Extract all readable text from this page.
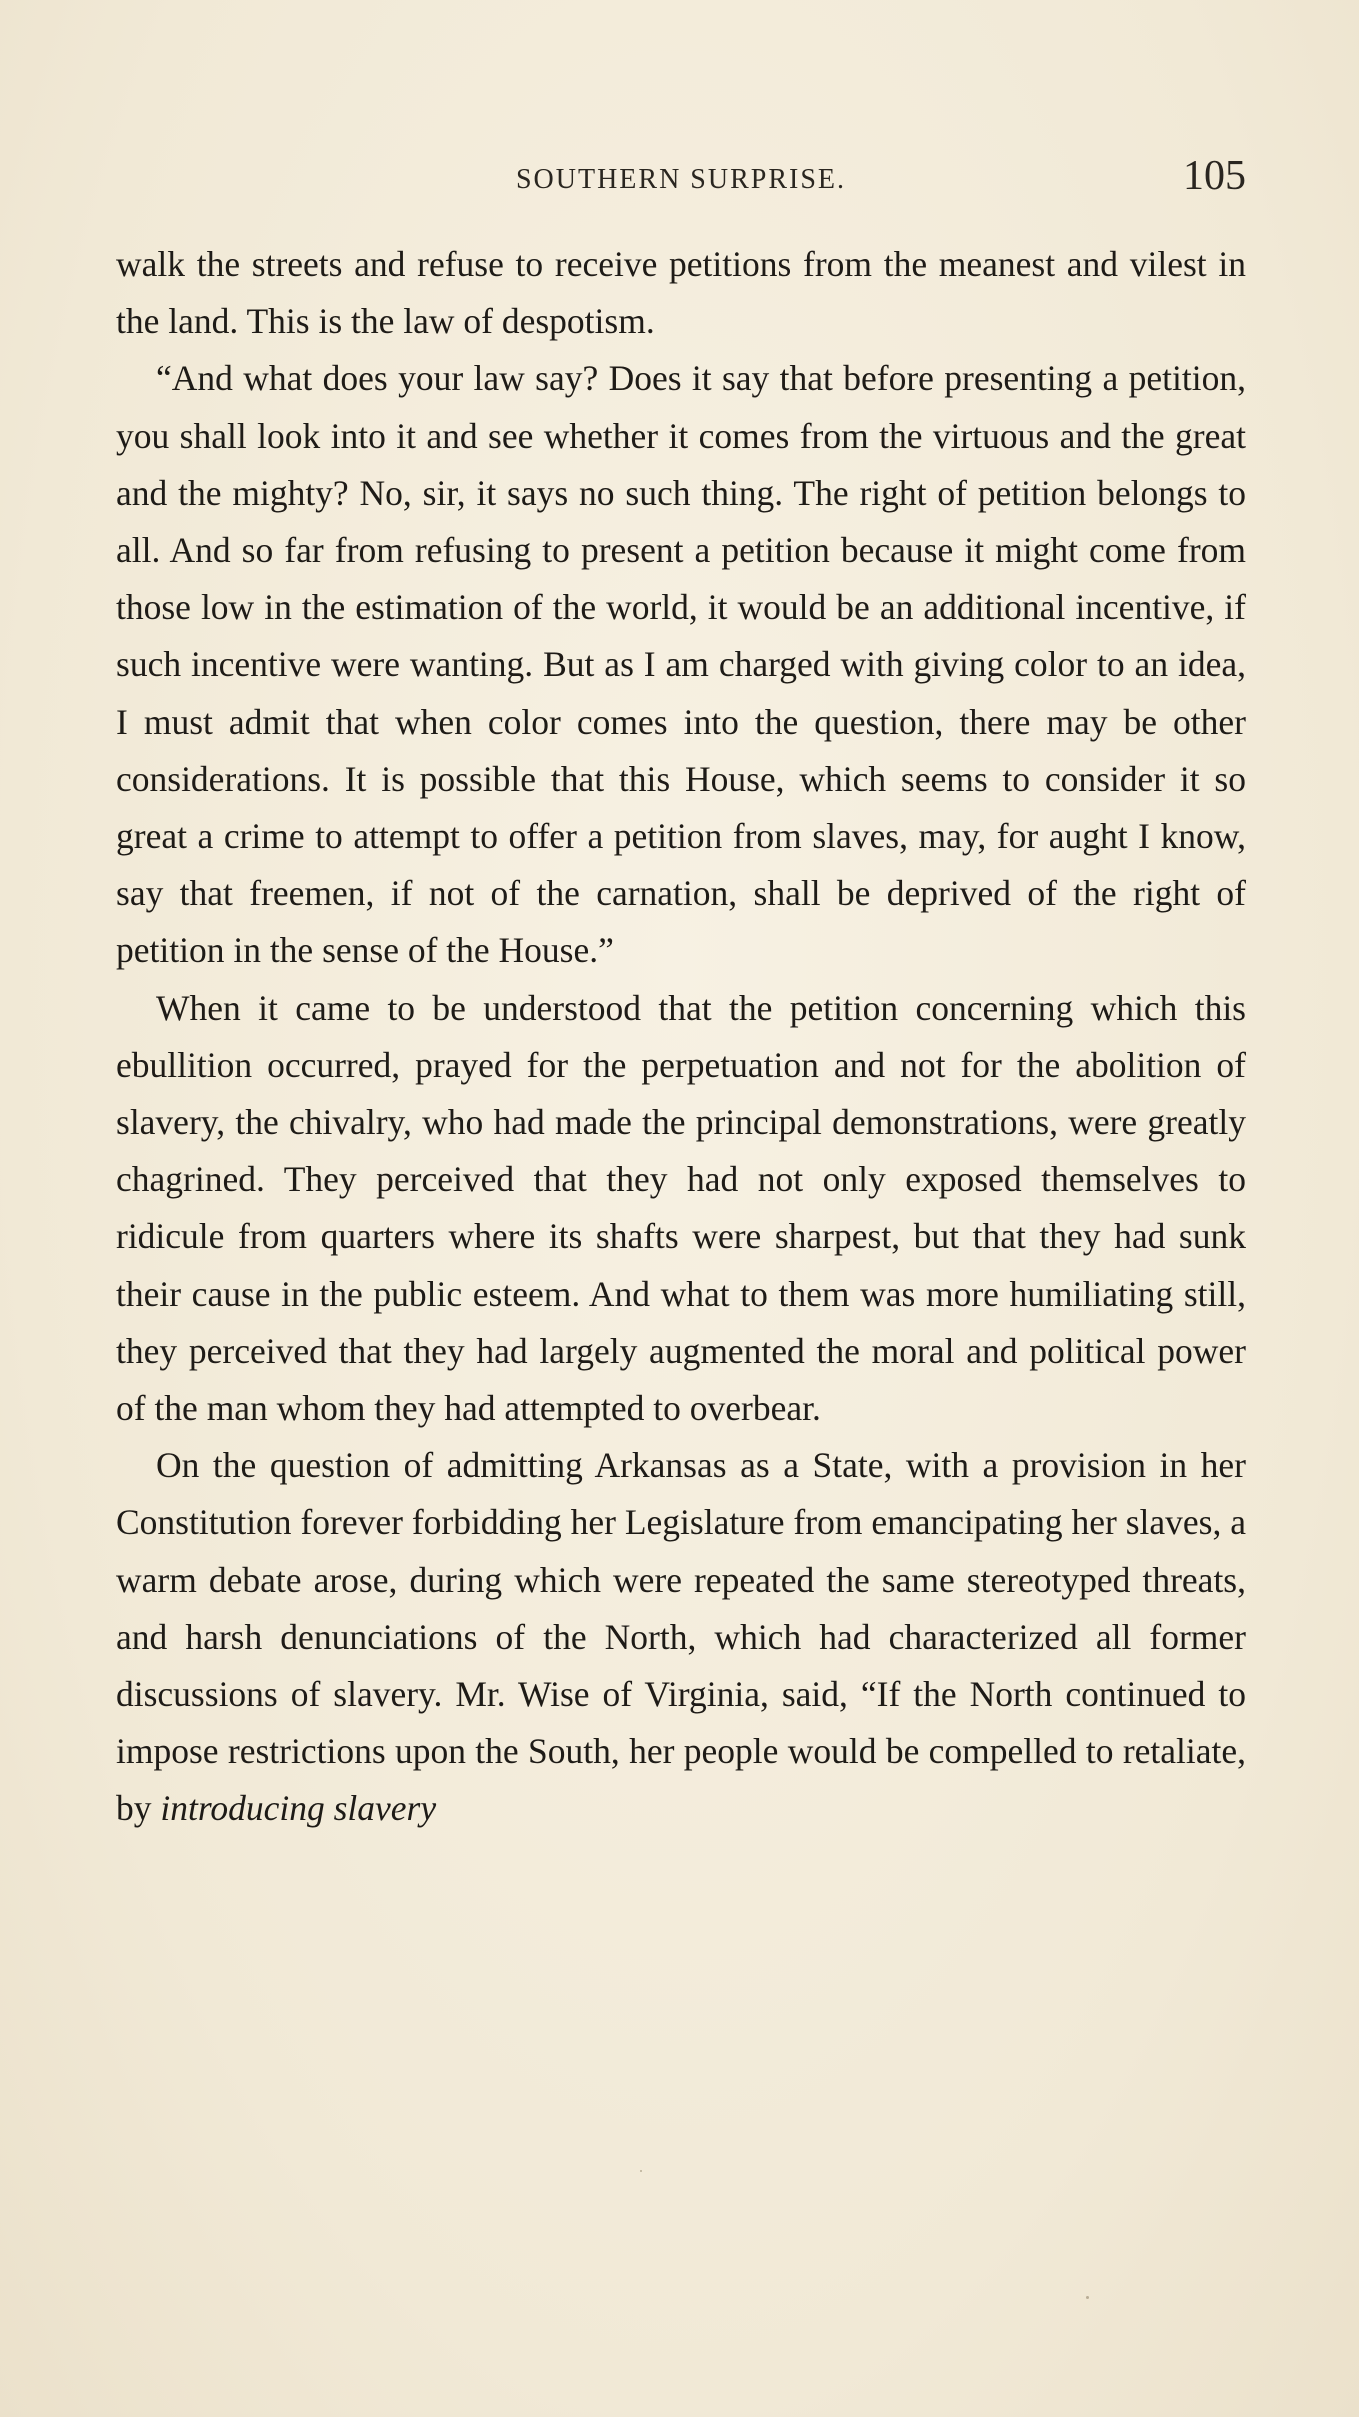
SOUTHERN SURPRISE.	105

walk the streets and refuse to receive petitions from the meanest and vilest in the land. This is the law of despotism.

“And what does your law say? Does it say that before presenting a petition, you shall look into it and see whether it comes from the virtuous and the great and the mighty? No, sir, it says no such thing. The right of petition belongs to all. And so far from refusing to present a petition because it might come from those low in the estimation of the world, it would be an additional incentive, if such incentive were wanting. But as I am charged with giving color to an idea, I must admit that when color comes into the question, there may be other considerations. It is possible that this House, which seems to consider it so great a crime to attempt to offer a petition from slaves, may, for aught I know, say that freemen, if not of the carnation, shall be deprived of the right of petition in the sense of the House.”

When it came to be understood that the petition concerning which this ebullition occurred, prayed for the perpetuation and not for the abolition of slavery, the chivalry, who had made the principal demonstrations, were greatly chagrined. They perceived that they had not only exposed themselves to ridicule from quarters where its shafts were sharpest, but that they had sunk their cause in the public esteem. And what to them was more humiliating still, they perceived that they had largely augmented the moral and political power of the man whom they had attempted to overbear.

On the question of admitting Arkansas as a State, with a provision in her Constitution forever forbidding her Legislature from emancipating her slaves, a warm debate arose, during which were repeated the same stereotyped threats, and harsh denunciations of the North, which had characterized all former discussions of slavery. Mr. Wise of Virginia, said, “If the North continued to impose restrictions upon the South, her people would be compelled to retaliate, by introducing slavery
